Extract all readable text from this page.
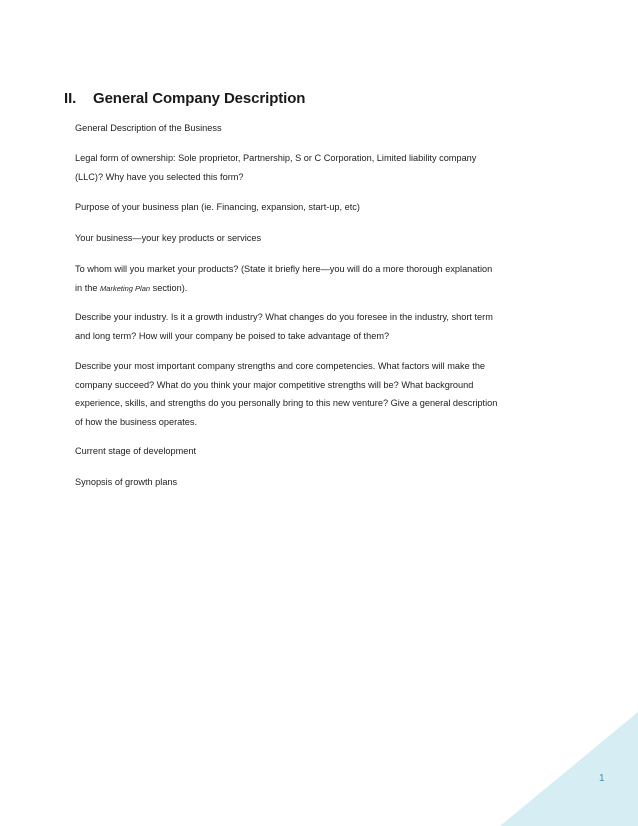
II. General Company Description

General Description of the Business

Legal form of ownership: Sole proprietor, Partnership, S or C Corporation, Limited liability company

(LLC)? Why have you selected this form?

Purpose of your business plan (ie. Financing, expansion, start-up, etc)

Your business—your key products or services

To whom will you market your products? (State it briefly here—you will do a more thorough explanation

in the Marketing Plan section).

Describe your industry. Is it a growth industry? What changes do you foresee in the industry, short term

and long term? How will your company be poised to take advantage of them?

Describe your most important company strengths and core competencies. What factors will make the

company succeed? What do you think your major competitive strengths will be? What background

experience, skills, and strengths do you personally bring to this new venture? Give a general description

of how the business operates.

Current stage of development

Synopsis of growth plans

1
